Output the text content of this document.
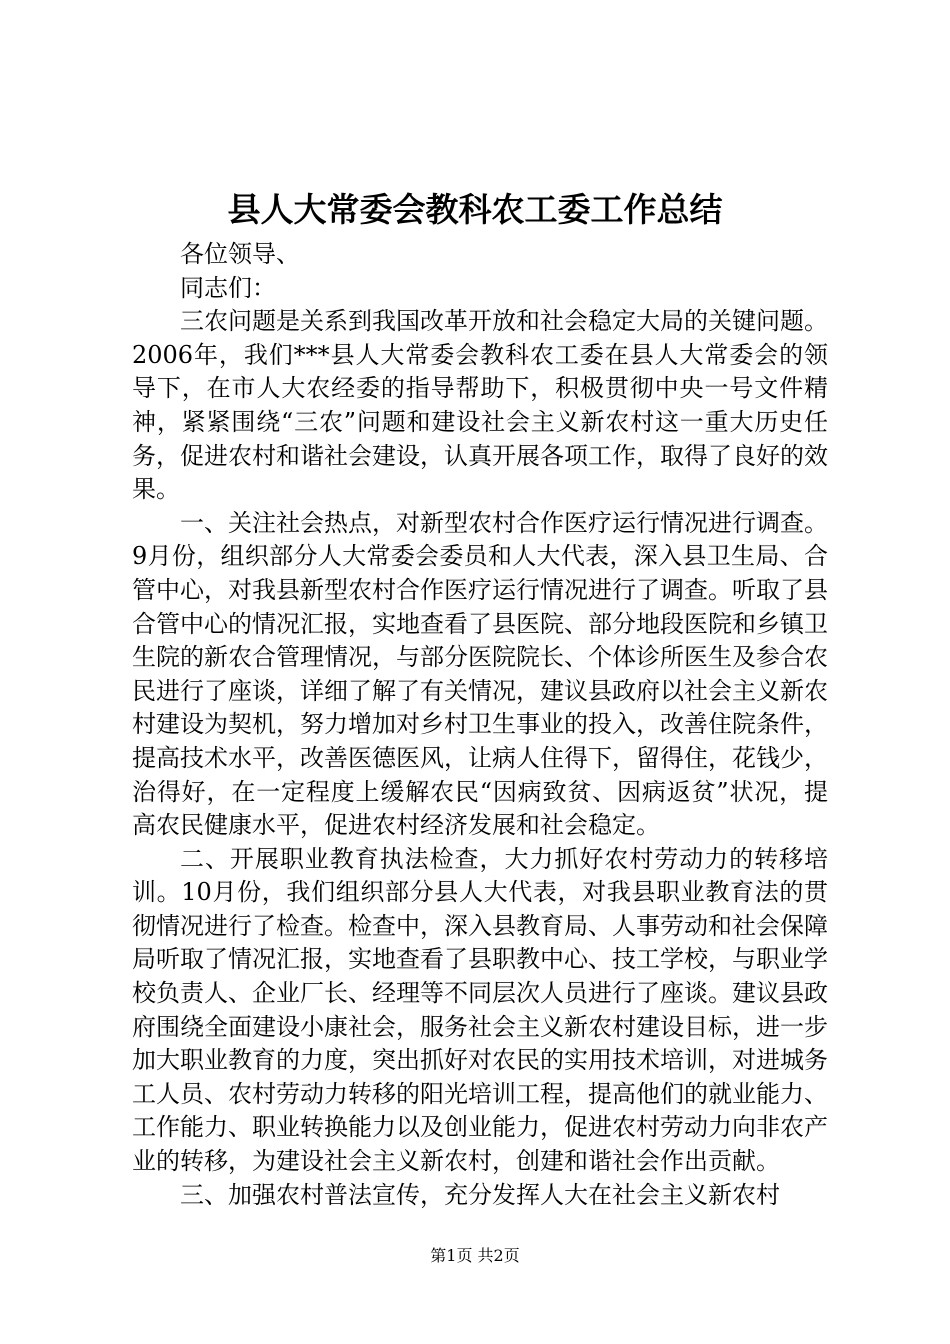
县人大常委会教科农工委工作总结

各位领导、

同志们：

三农问题是关系到我国改革开放和社会稳定大局的关键问题。2006年，我们***县人大常委会教科农工委在县人大常委会的领导下，在市人大农经委的指导帮助下，积极贯彻中央一号文件精神，紧紧围绕“三农”问题和建设社会主义新农村这一重大历史任务，促进农村和谐社会建设，认真开展各项工作，取得了良好的效果。

一、关注社会热点，对新型农村合作医疗运行情况进行调查。9月份，组织部分人大常委会委员和人大代表，深入县卫生局、合管中心，对我县新型农村合作医疗运行情况进行了调查。听取了县合管中心的情况汇报，实地查看了县医院、部分地段医院和乡镇卫生院的新农合管理情况，与部分医院院长、个体诊所医生及参合农民进行了座谈，详细了解了有关情况，建议县政府以社会主义新农村建设为契机，努力增加对乡村卫生事业的投入，改善住院条件，提高技术水平，改善医德医风，让病人住得下，留得住，花钱少，治得好，在一定程度上缓解农民“因病致贫、因病返贫”状况，提高农民健康水平，促进农村经济发展和社会稳定。

二、开展职业教育执法检查，大力抓好农村劳动力的转移培训。10月份，我们组织部分县人大代表，对我县职业教育法的贯彻情况进行了检查。检查中，深入县教育局、人事劳动和社会保障局听取了情况汇报，实地查看了县职教中心、技工学校，与职业学校负责人、企业厂长、经理等不同层次人员进行了座谈。建议县政府围绕全面建设小康社会，服务社会主义新农村建设目标，进一步加大职业教育的力度，突出抓好对农民的实用技术培训，对进城务工人员、农村劳动力转移的阳光培训工程，提高他们的就业能力、工作能力、职业转换能力以及创业能力，促进农村劳动力向非农产业的转移，为建设社会主义新农村，创建和谐社会作出贡献。

三、加强农村普法宣传，充分发挥人大在社会主义新农村

第1页 共2页
